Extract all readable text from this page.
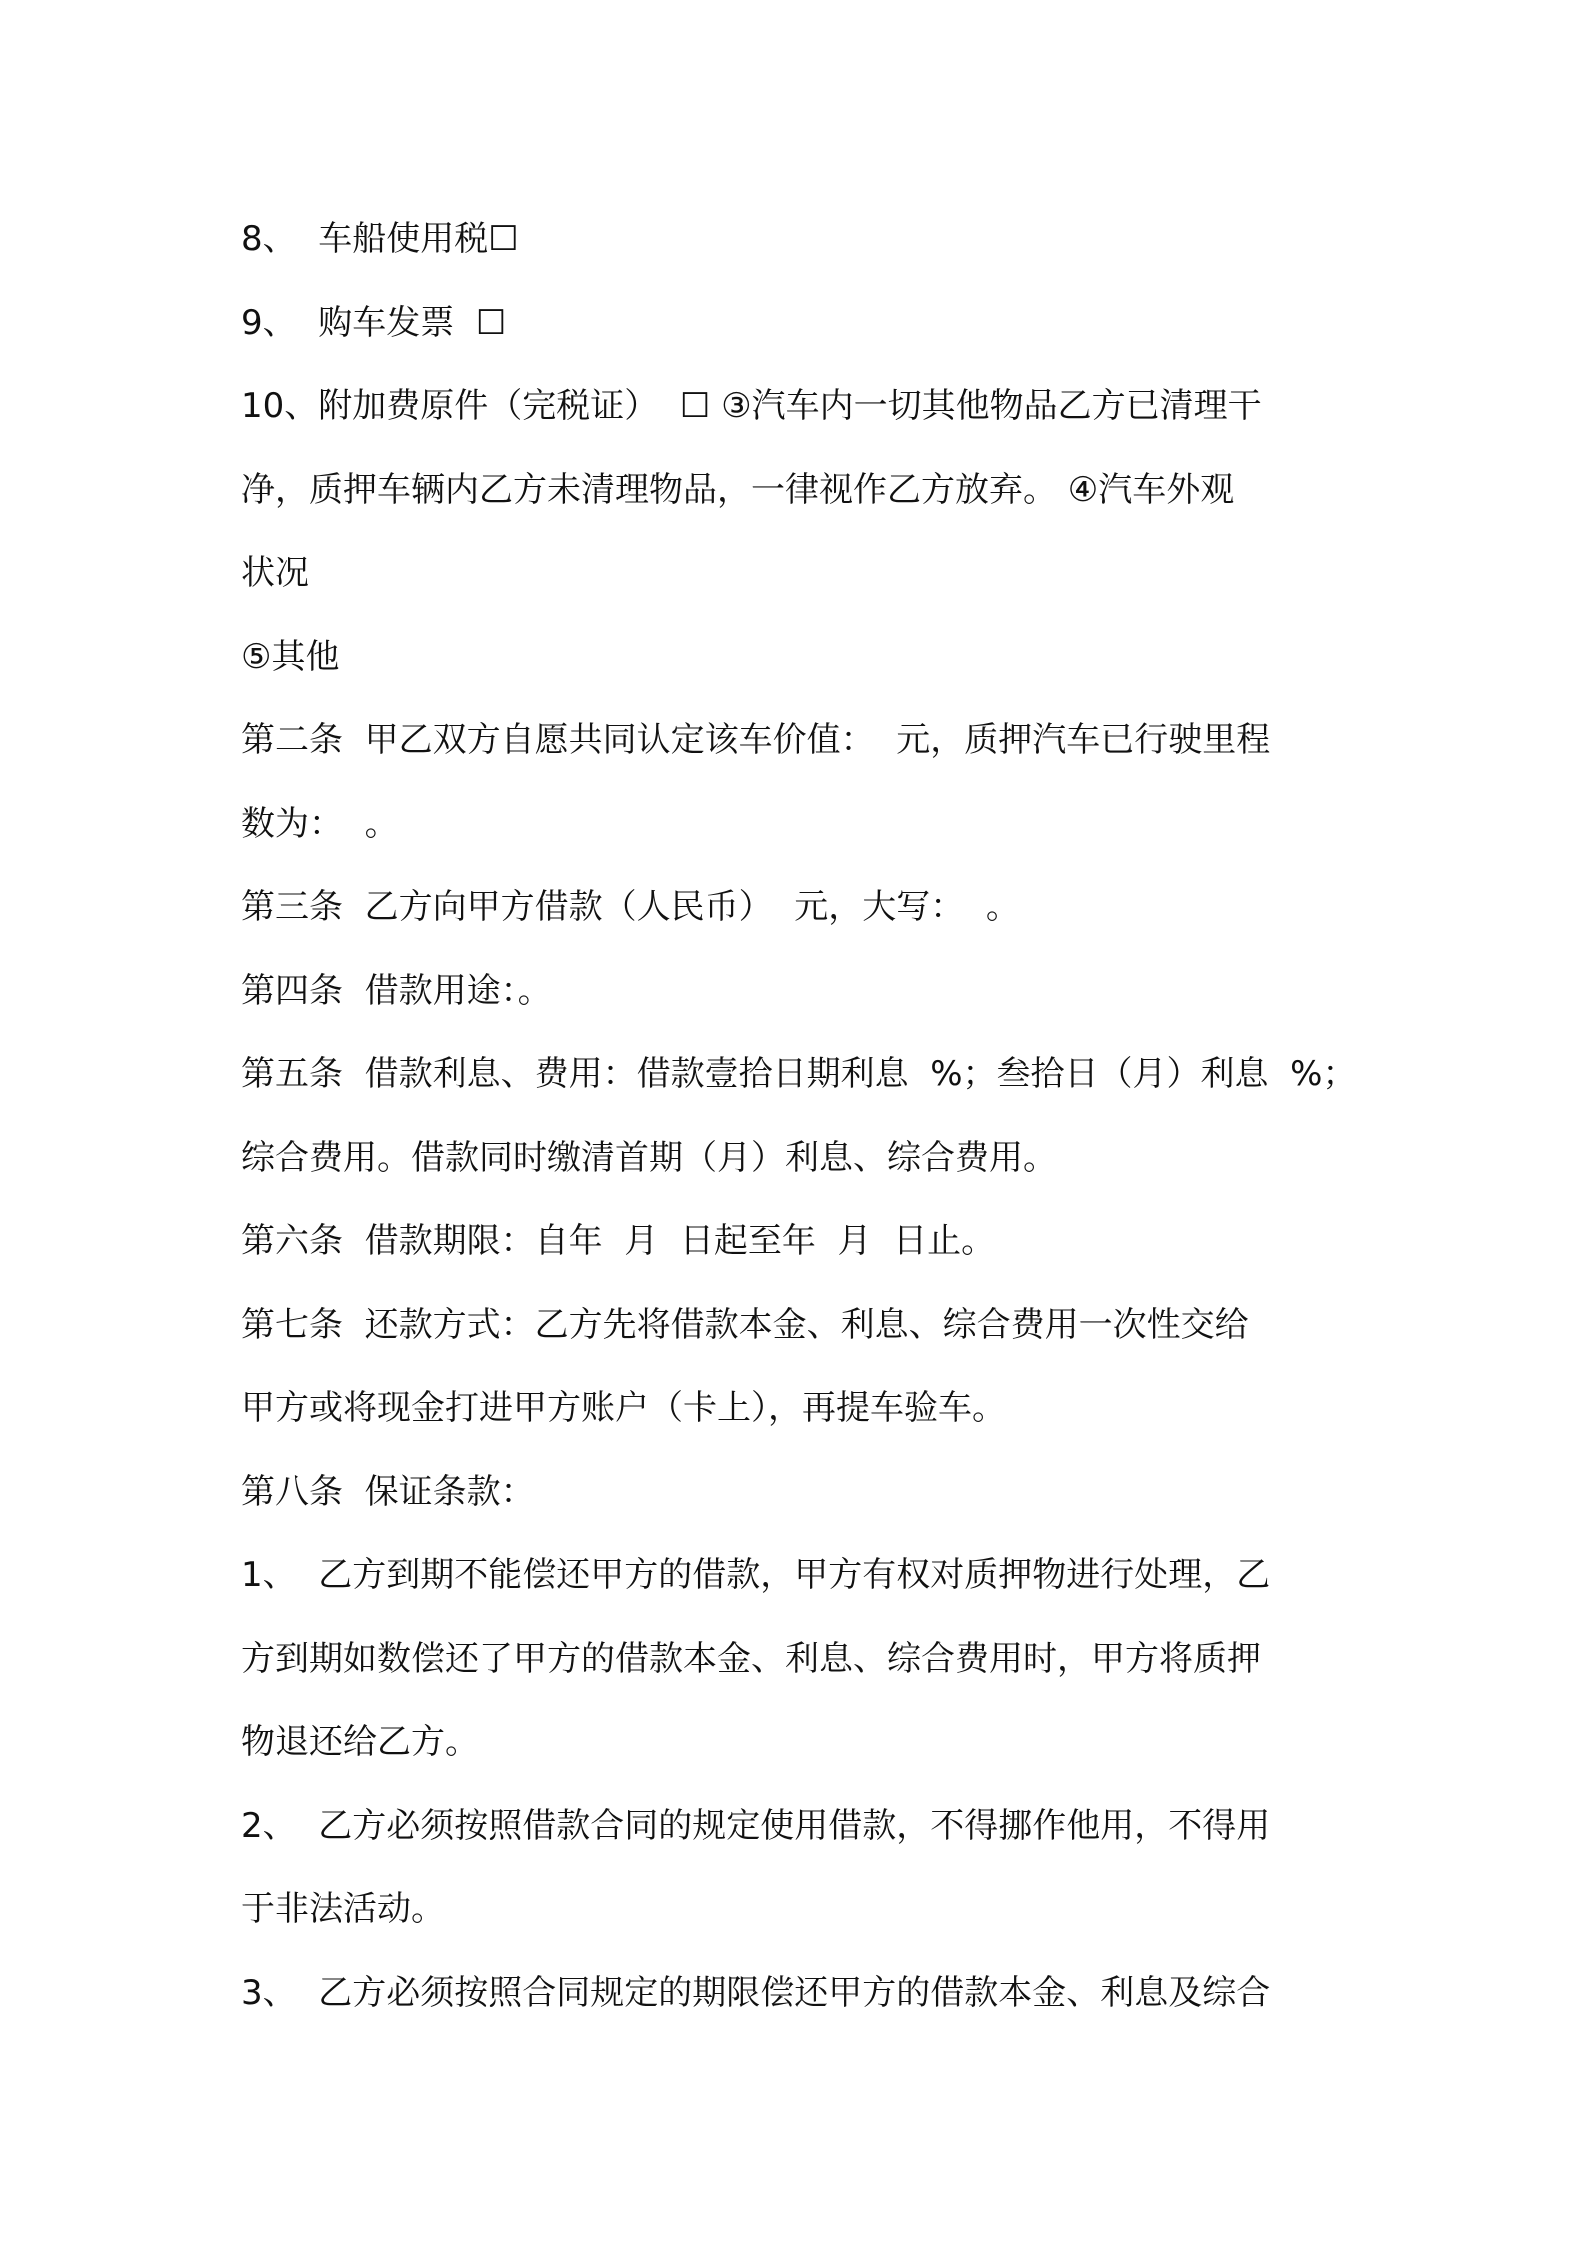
8、  车船使用税☐
9、  购车发票  ☐
10、附加费原件（完税证）  ☐ ③汽车内一切其他物品乙方已清理干
净，质押车辆内乙方未清理物品，一律视作乙方放弃。 ④汽车外观
状况
⑤其他
第二条  甲乙双方自愿共同认定该车价值：  元，质押汽车已行驶里程
数为：  。
第三条  乙方向甲方借款（人民币）  元，大写：  。
第四条  借款用途：。
第五条  借款利息、费用：借款壹拾日期利息  %；叁拾日（月）利息  %；
综合费用。借款同时缴清首期（月）利息、综合费用。
第六条  借款期限：自年  月  日起至年  月  日止。
第七条  还款方式：乙方先将借款本金、利息、综合费用一次性交给
甲方或将现金打进甲方账户（卡上），再提车验车。
第八条  保证条款：
1、  乙方到期不能偿还甲方的借款，甲方有权对质押物进行处理，乙
方到期如数偿还了甲方的借款本金、利息、综合费用时，甲方将质押
物退还给乙方。
2、  乙方必须按照借款合同的规定使用借款，不得挪作他用，不得用
于非法活动。
3、  乙方必须按照合同规定的期限偿还甲方的借款本金、利息及综合
